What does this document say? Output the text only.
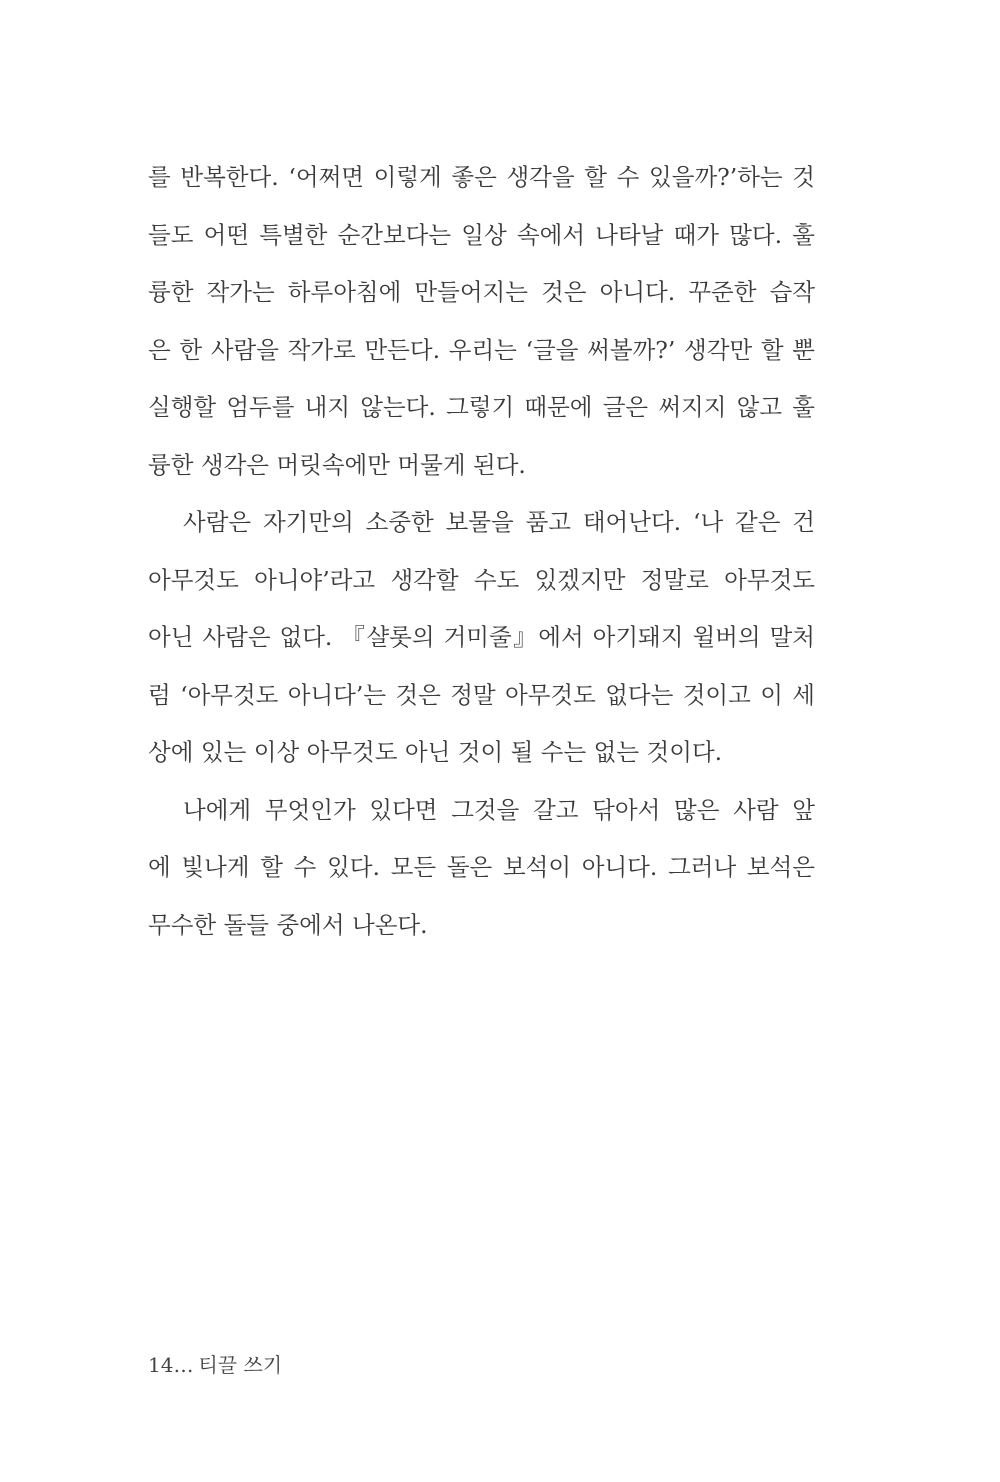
를 반복한다. ‘어쩌면 이렇게 좋은 생각을 할 수 있을까?’하는 것
들도 어떤 특별한 순간보다는 일상 속에서 나타날 때가 많다. 훌
륭한 작가는 하루아침에 만들어지는 것은 아니다. 꾸준한 습작
은 한 사람을 작가로 만든다. 우리는 ‘글을 써볼까?’ 생각만 할 뿐
실행할 엄두를 내지 않는다. 그렇기 때문에 글은 써지지 않고 훌
륭한 생각은 머릿속에만 머물게 된다.
사람은 자기만의 소중한 보물을 품고 태어난다. ‘나 같은 건
아무것도 아니야’라고 생각할 수도 있겠지만 정말로 아무것도
아닌 사람은 없다. 『샬롯의 거미줄』에서 아기돼지 윌버의 말처
럼 ‘아무것도 아니다’는 것은 정말 아무것도 없다는 것이고 이 세
상에 있는 이상 아무것도 아닌 것이 될 수는 없는 것이다.
나에게 무엇인가 있다면 그것을 갈고 닦아서 많은 사람 앞
에 빛나게 할 수 있다. 모든 돌은 보석이 아니다. 그러나 보석은
무수한 돌들 중에서 나온다.
14… 티끌 쓰기
